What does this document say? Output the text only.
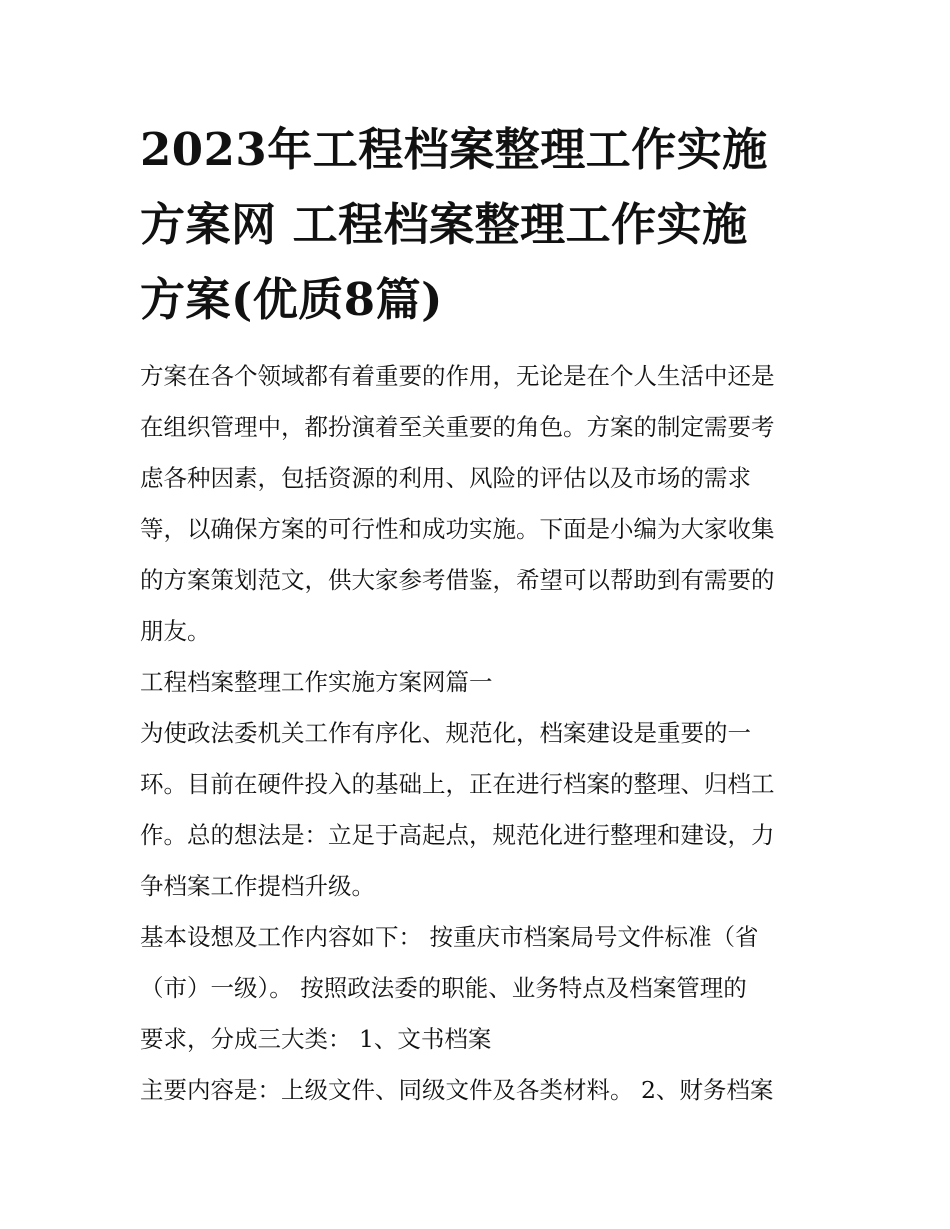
2023年工程档案整理工作实施
方案网 工程档案整理工作实施
方案(优质8篇)

方案在各个领域都有着重要的作用，无论是在个人生活中还是
在组织管理中，都扮演着至关重要的角色。方案的制定需要考
虑各种因素，包括资源的利用、风险的评估以及市场的需求
等，以确保方案的可行性和成功实施。下面是小编为大家收集
的方案策划范文，供大家参考借鉴，希望可以帮助到有需要的
朋友。

工程档案整理工作实施方案网篇一

为使政法委机关工作有序化、规范化，档案建设是重要的一
环。目前在硬件投入的基础上，正在进行档案的整理、归档工
作。总的想法是：立足于高起点，规范化进行整理和建设，力
争档案工作提档升级。

基本设想及工作内容如下： 按重庆市档案局号文件标准（省
（市）一级）。 按照政法委的职能、业务特点及档案管理的
要求，分成三大类： 1、文书档案

主要内容是：上级文件、同级文件及各类材料。 2、财务档案
